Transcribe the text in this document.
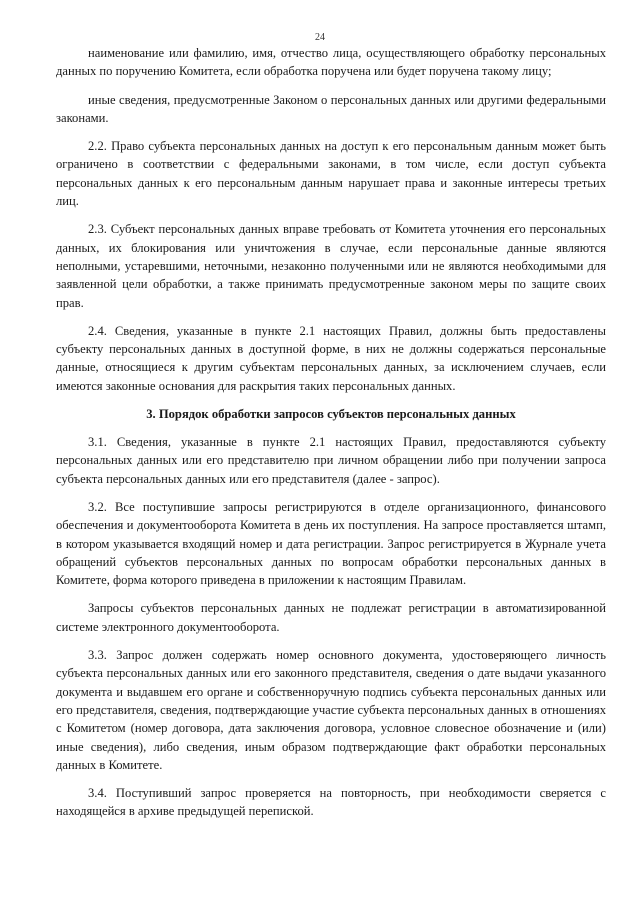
24

наименование или фамилию, имя, отчество лица, осуществляющего обработку персональных данных по поручению Комитета, если обработка поручена или будет поручена такому лицу;

иные сведения, предусмотренные Законом о персональных данных или другими федеральными законами.

2.2. Право субъекта персональных данных на доступ к его персональным данным может быть ограничено в соответствии с федеральными законами, в том числе, если доступ субъекта персональных данных к его персональным данным нарушает права и законные интересы третьих лиц.

2.3. Субъект персональных данных вправе требовать от Комитета уточнения его персональных данных, их блокирования или уничтожения в случае, если персональные данные являются неполными, устаревшими, неточными, незаконно полученными или не являются необходимыми для заявленной цели обработки, а также принимать предусмотренные законом меры по защите своих прав.

2.4. Сведения, указанные в пункте 2.1 настоящих Правил, должны быть предоставлены субъекту персональных данных в доступной форме, в них не должны содержаться персональные данные, относящиеся к другим субъектам персональных данных, за исключением случаев, если имеются законные основания для раскрытия таких персональных данных.

3. Порядок обработки запросов субъектов персональных данных

3.1. Сведения, указанные в пункте 2.1 настоящих Правил, предоставляются субъекту персональных данных или его представителю при личном обращении либо при получении запроса субъекта персональных данных или его представителя (далее - запрос).

3.2. Все поступившие запросы регистрируются в отделе организационного, финансового обеспечения и документооборота Комитета в день их поступления. На запросе проставляется штамп, в котором указывается входящий номер и дата регистрации. Запрос регистрируется в Журнале учета обращений субъектов персональных данных по вопросам обработки персональных данных в Комитете, форма которого приведена в приложении к настоящим Правилам.

Запросы субъектов персональных данных не подлежат регистрации в автоматизированной системе электронного документооборота.

3.3. Запрос должен содержать номер основного документа, удостоверяющего личность субъекта персональных данных или его законного представителя, сведения о дате выдачи указанного документа и выдавшем его органе и собственноручную подпись субъекта персональных данных или его представителя, сведения, подтверждающие участие субъекта персональных данных в отношениях с Комитетом (номер договора, дата заключения договора, условное словесное обозначение и (или) иные сведения), либо сведения, иным образом подтверждающие факт обработки персональных данных в Комитете.

3.4. Поступивший запрос проверяется на повторность, при необходимости сверяется с находящейся в архиве предыдущей перепиской.
